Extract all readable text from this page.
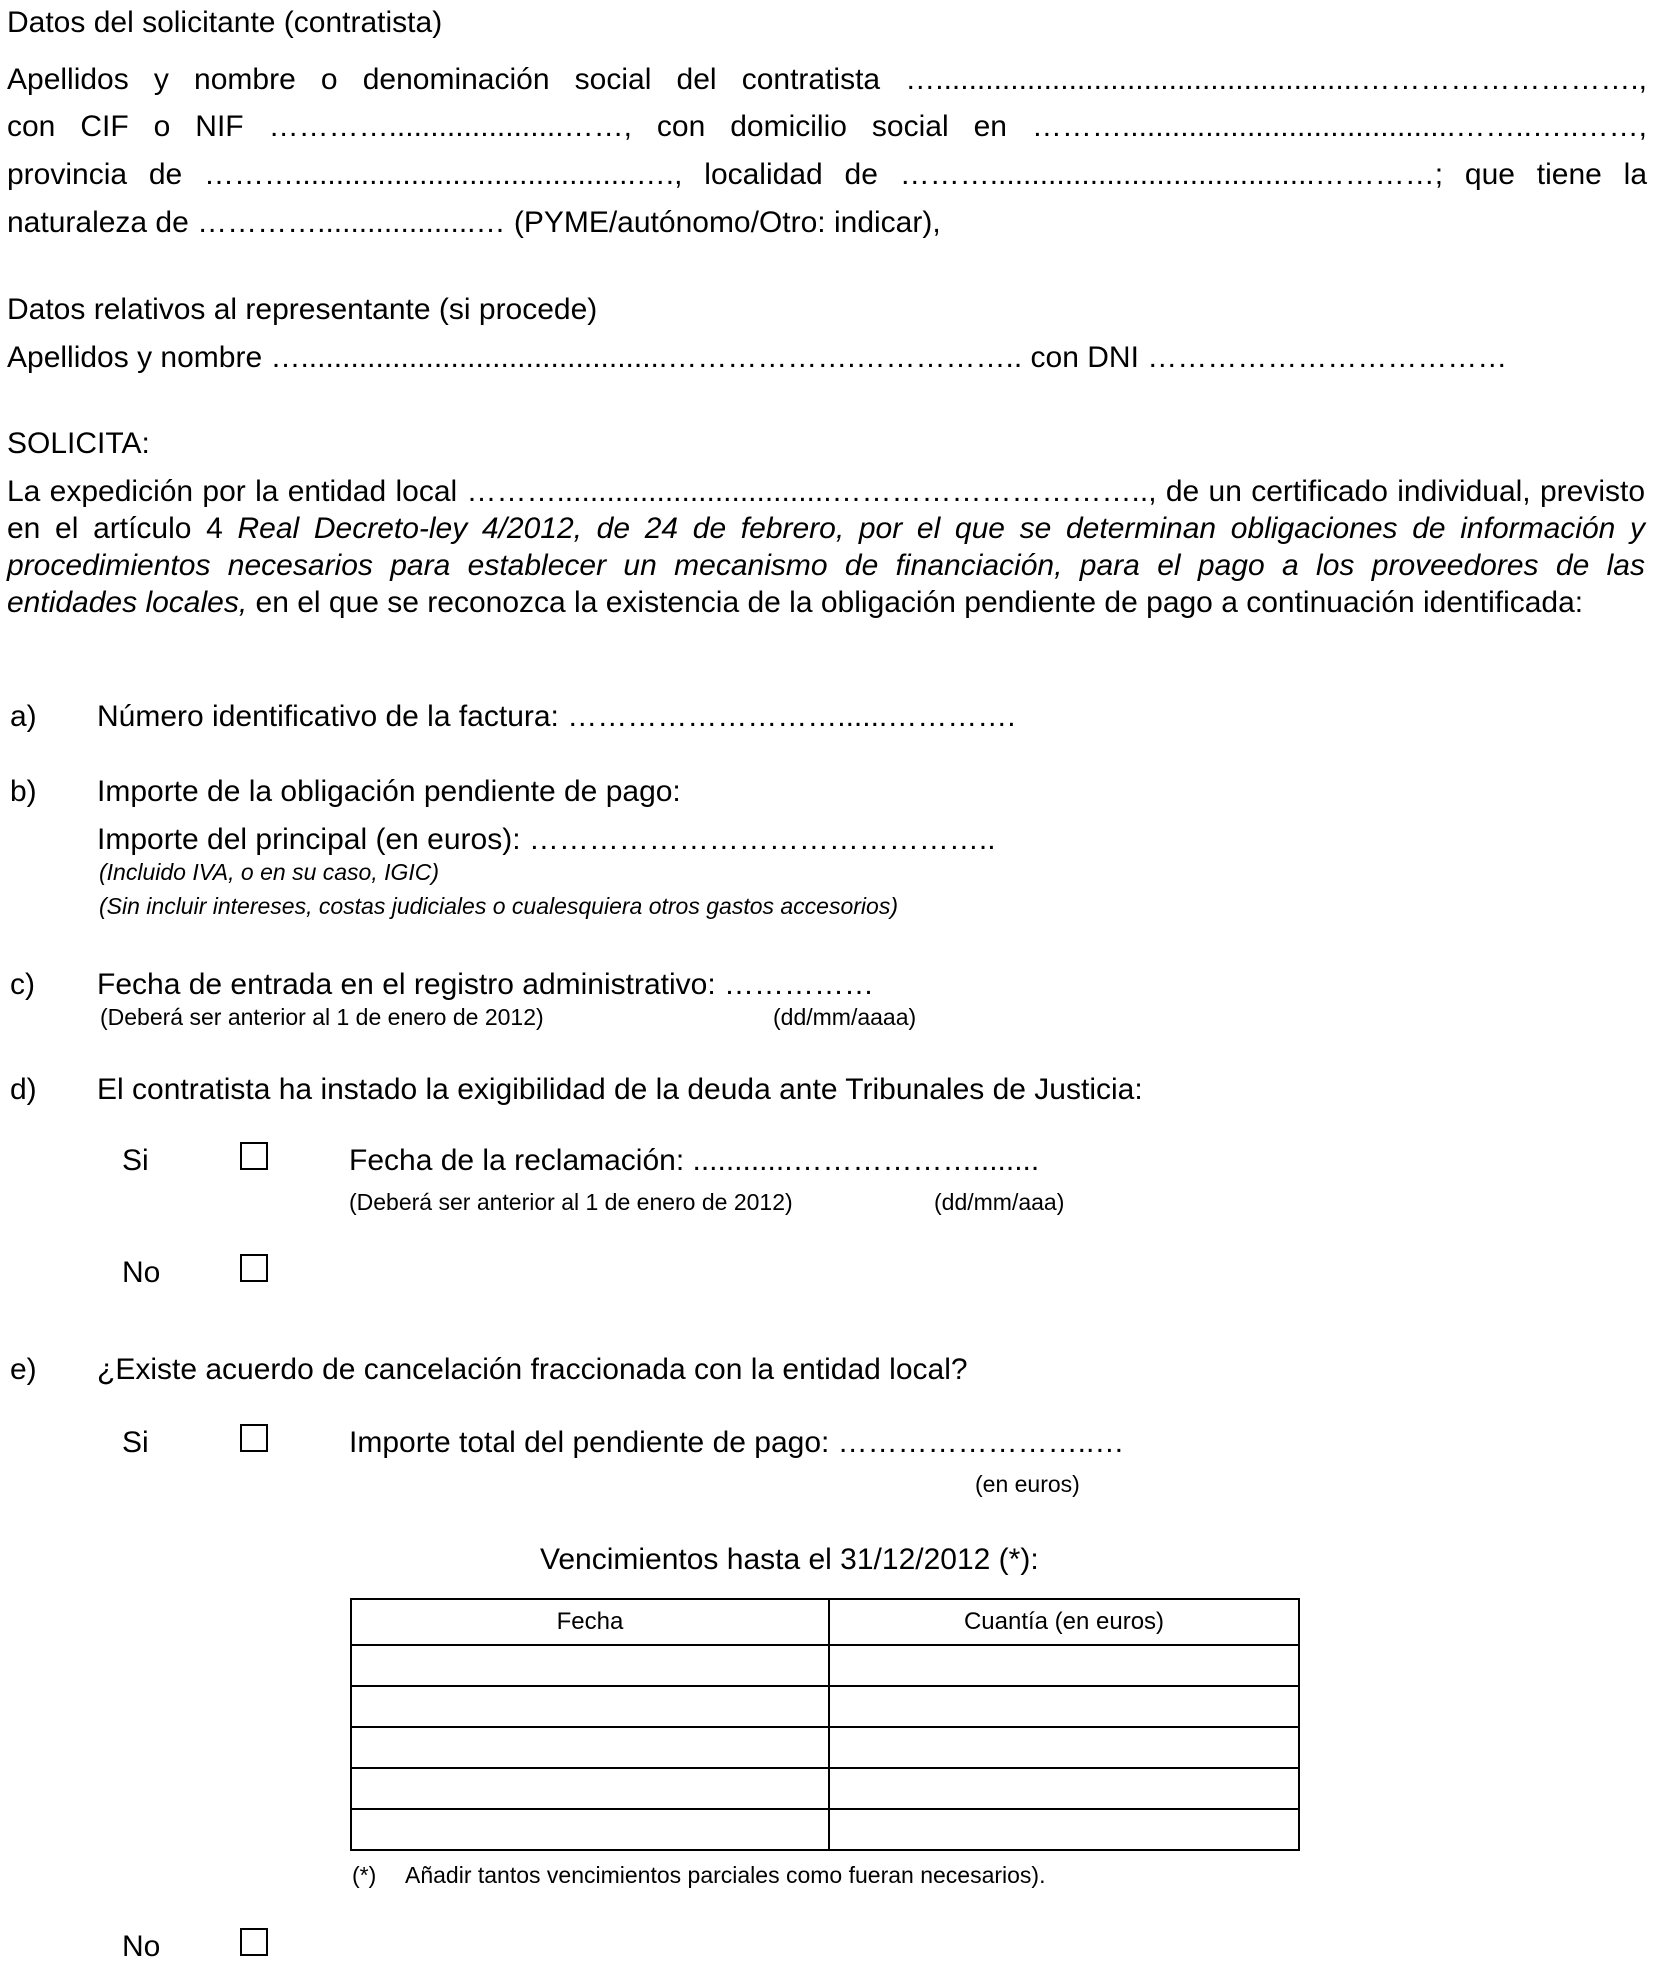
Datos del solicitante (contratista)
Apellidos y nombre o denominación social del contratista …...................................................……………………….,
con CIF o NIF ………….....................……, con domicilio social en ………........................................……..…..……,
provincia de ……….........................................…., localidad de ……….......................................…………; que tiene la
naturaleza de …………...................… (PYME/autónomo/Otro: indicar),
Datos relativos al representante (si procede)
Apellidos y nombre …............................................……………….…………….. con DNI ………………………………
SOLICITA:
La expedición por la entidad local ……….................................………………………….., de un certificado individual, previsto en el artículo 4 Real Decreto-ley 4/2012, de 24 de febrero, por el que se determinan obligaciones de información y procedimientos necesarios para establecer un mecanismo de financiación, para el pago a los proveedores de las entidades locales, en el que se reconozca la existencia de la obligación pendiente de pago a continuación identificada:
a) Número identificativo de la factura: ………………………......………….
b) Importe de la obligación pendiente de pago:
Importe del principal (en euros): ………………………………………..
(Incluido IVA, o en su caso, IGIC)
(Sin incluir intereses, costas judiciales o cualesquiera otros gastos accesorios)
c) Fecha de entrada en el registro administrativo: ……………
(Deberá ser anterior al 1 de enero de 2012)	(dd/mm/aaaa)
d) El contratista ha instado la exigibilidad de la deuda ante Tribunales de Justicia:
Si	Fecha de la reclamación: ............………………........
(Deberá ser anterior al 1 de enero de 2012)	(dd/mm/aaa)
No
e) ¿Existe acuerdo de cancelación fraccionada con la entidad local?
Si	Importe total del pendiente de pago: ……………………..…
(en euros)
Vencimientos hasta el 31/12/2012 (*):
Fecha	Cuantía (en euros)

(*) Añadir tantos vencimientos parciales como fueran necesarios).
No
